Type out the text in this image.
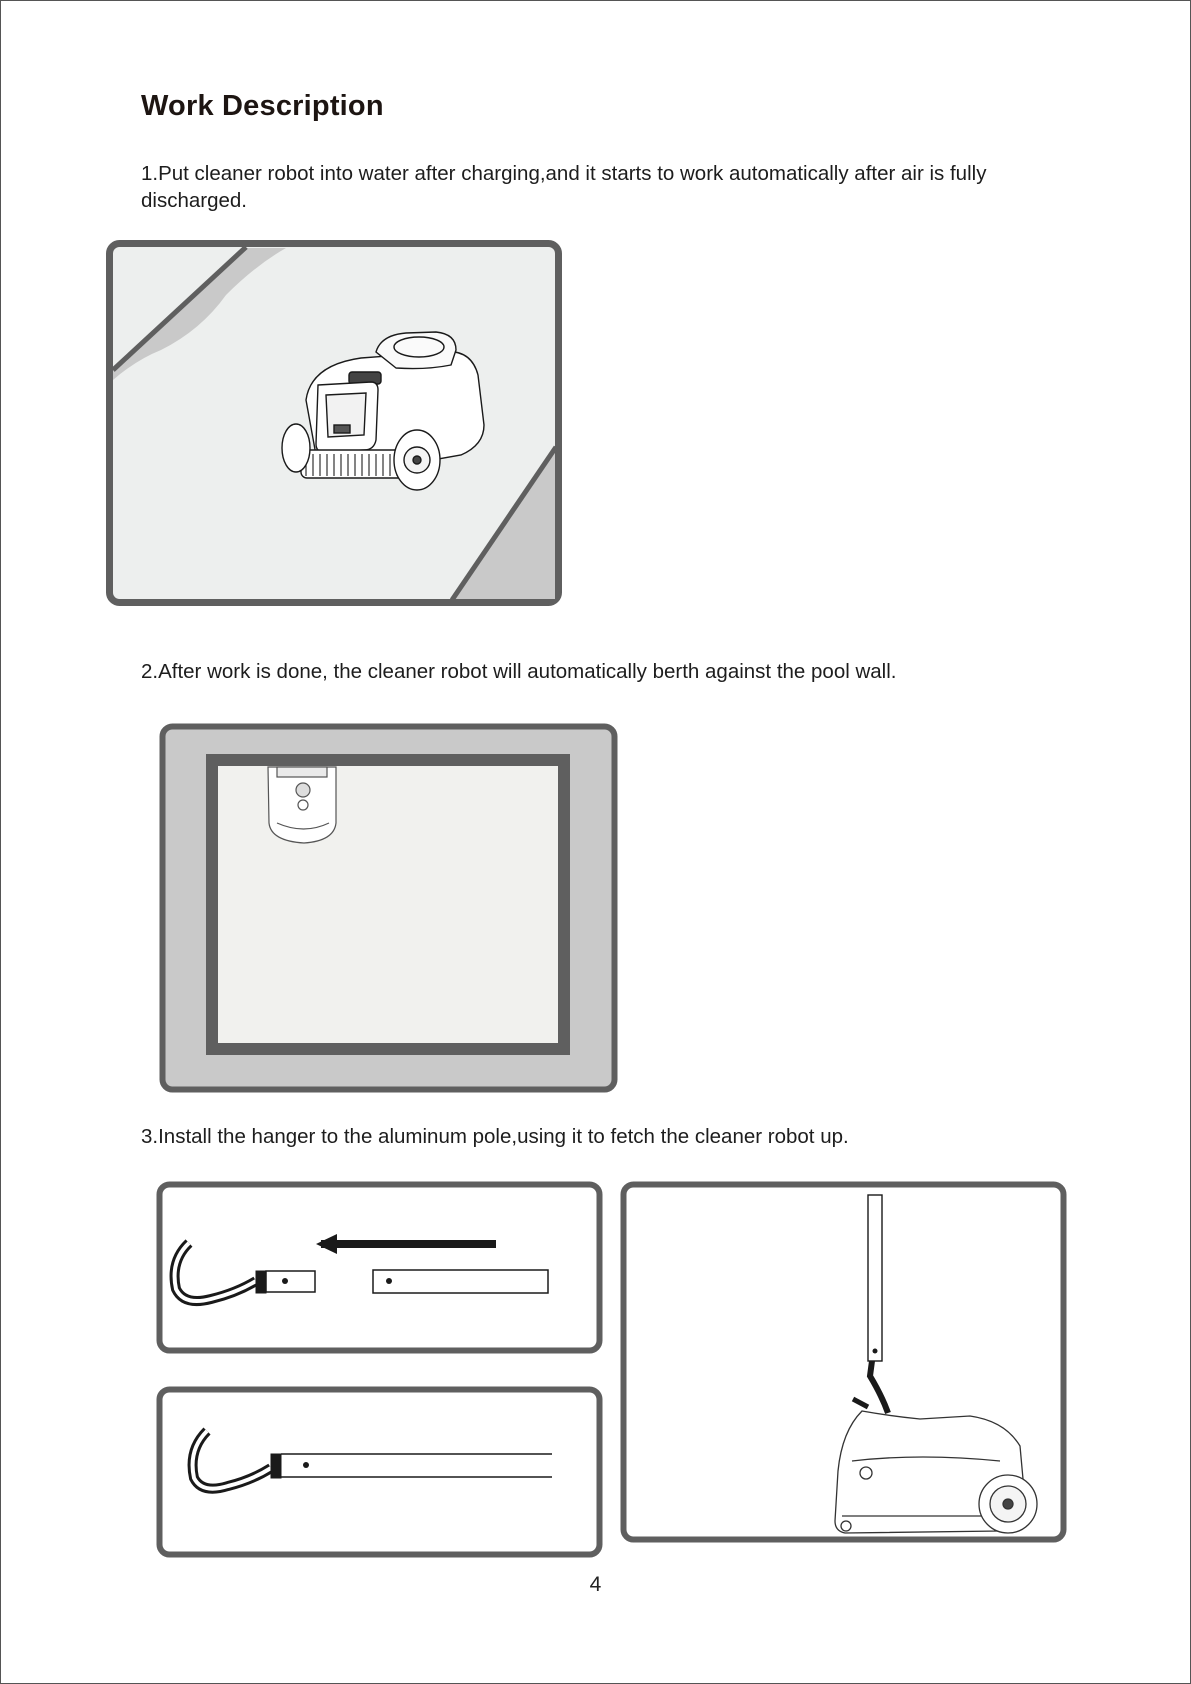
Work Description
1.Put cleaner robot into water after charging,and it starts to work automatically after air is fully discharged.
2.After work is done, the cleaner robot will automatically berth against the pool wall.
3.Install the hanger to the aluminum pole,using it to fetch the cleaner robot up.
4
